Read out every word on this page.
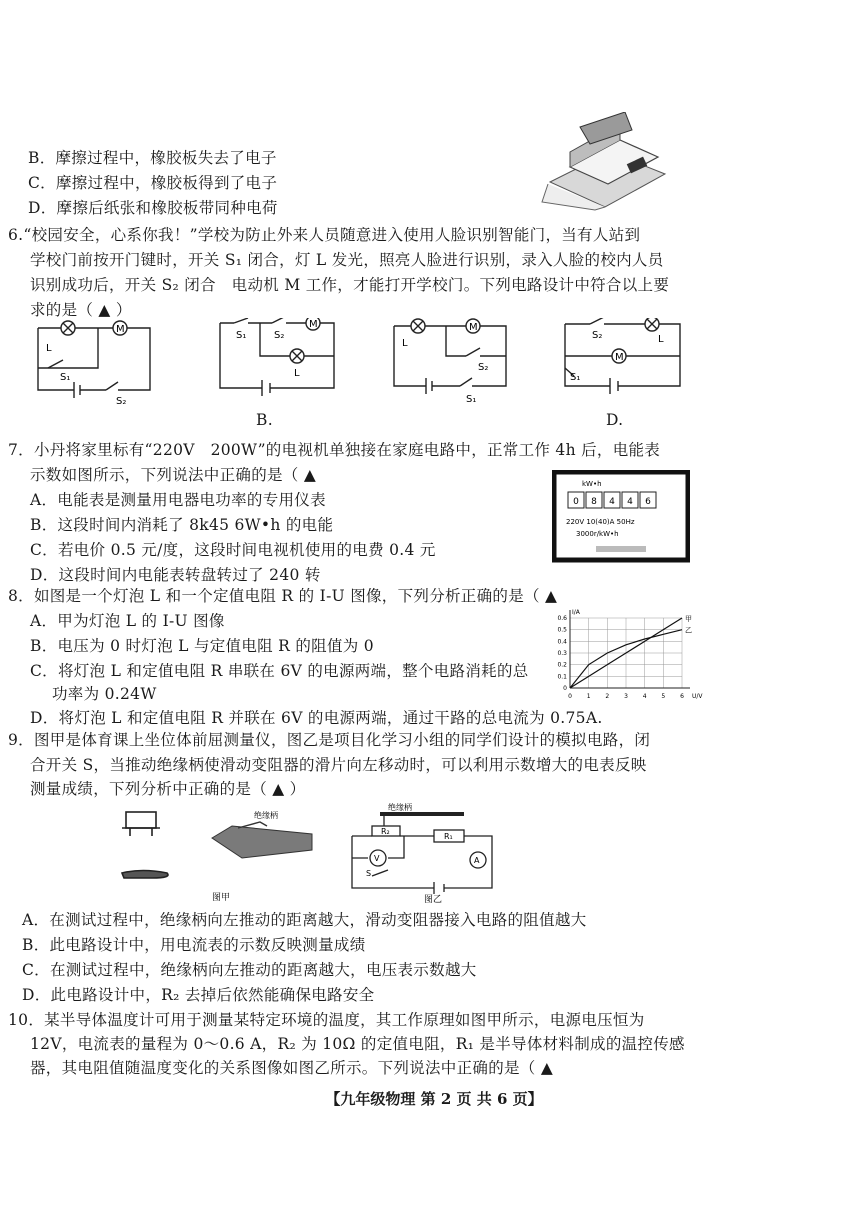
B．摩擦过程中，橡胶板失去了电子
C．摩擦过程中，橡胶板得到了电子
D．摩擦后纸张和橡胶板带同种电荷
6.“校园安全，心系你我！”学校为防止外来人员随意进入使用人脸识别智能门，当有人站到
学校门前按开门键时，开关 S₁ 闭合，灯 L 发光，照亮人脸进行识别，录入人脸的校内人员
识别成功后，开关 S₂ 闭合　电动机 M 工作，才能打开学校门。下列电路设计中符合以上要
求的是（ ▲ ）
M
L
S₁
S₂
M
S₁	S₂
L
B.
M
L
S₂
S₁
S₂	L
M
S₁
D.
7．小丹将家里标有“220V　200W”的电视机单独接在家庭电路中，正常工作 4h 后，电能表
示数如图所示，下列说法中正确的是（ ▲
A．电能表是测量用电器电功率的专用仪表
B．这段时间内消耗了 8k45 6W•h 的电能
C．若电价 0.5 元/度，这段时间电视机使用的电费 0.4 元
D．这段时间内电能表转盘转过了 240 转
kW•h
0 8 4 4 6
220V 10(40)A 50Hz
3000r/kW•h
8．如图是一个灯泡 L 和一个定值电阻 R 的 I-U 图像，下列分析正确的是（ ▲
A．甲为灯泡 L 的 I-U 图像
B．电压为 0 时灯泡 L 与定值电阻 R 的阻值为 0
C．将灯泡 L 和定值电阻 R 串联在 6V 的电源两端，整个电路消耗的总
功率为 0.24W
D．将灯泡 L 和定值电阻 R 并联在 6V 的电源两端，通过干路的总电流为 0.75A.
0 1 2 3 4 5 6
0
0.1
0.2
0.3
0.4
0.5
0.6
U/V
I/A
甲
乙
9．图甲是体育课上坐位体前屈测量仪，图乙是项目化学习小组的同学们设计的模拟电路，闭
合开关 S，当推动绝缘柄使滑动变阻器的滑片向左移动时，可以利用示数增大的电表反映
测量成绩，下列分析中正确的是（ ▲ ）
绝缘柄
图甲
绝缘柄
R₂
R₁
V	A
S
图乙
A．在测试过程中，绝缘柄向左推动的距离越大，滑动变阻器接入电路的阻值越大
B．此电路设计中，用电流表的示数反映测量成绩
C．在测试过程中，绝缘柄向左推动的距离越大，电压表示数越大
D．此电路设计中，R₂ 去掉后依然能确保电路安全
10．某半导体温度计可用于测量某特定环境的温度，其工作原理如图甲所示，电源电压恒为
12V，电流表的量程为 0～0.6 A，R₂ 为 10Ω 的定值电阻，R₁ 是半导体材料制成的温控传感
器，其电阻值随温度变化的关系图像如图乙所示。下列说法中正确的是（ ▲
【九年级物理 第 2 页 共 6 页】
